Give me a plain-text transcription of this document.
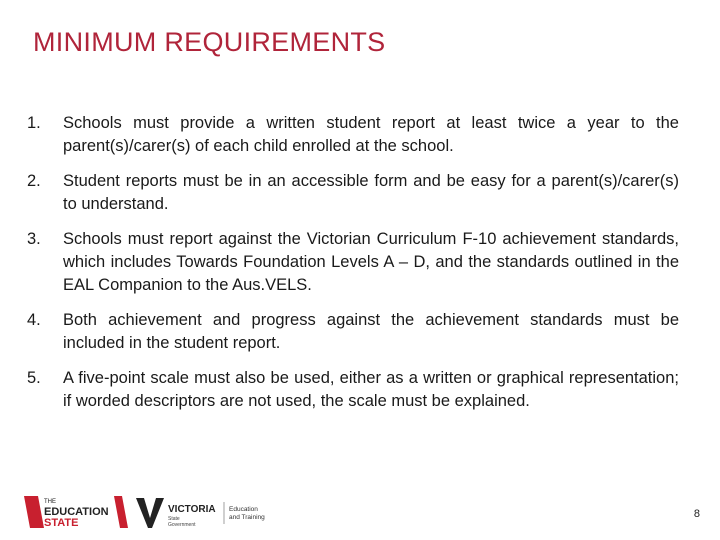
MINIMUM REQUIREMENTS
1.	Schools must provide a written student report at least twice a year to the parent(s)/carer(s) of each child enrolled at the school.
2.	Student reports must be in an accessible form and be easy for a parent(s)/carer(s) to understand.
3.	Schools must report against the Victorian Curriculum F-10 achievement standards, which includes Towards Foundation Levels A – D, and the standards outlined in the EAL Companion to the Aus.VELS.
4.	Both achievement and progress against the achievement standards must be included in the student report.
5.	A five-point scale must also be used, either as a written or graphical representation; if worded descriptors are not used, the scale must be explained.
THE
EDUCATION
STATE
VICTORIA
State
Government
Education
and Training	8
